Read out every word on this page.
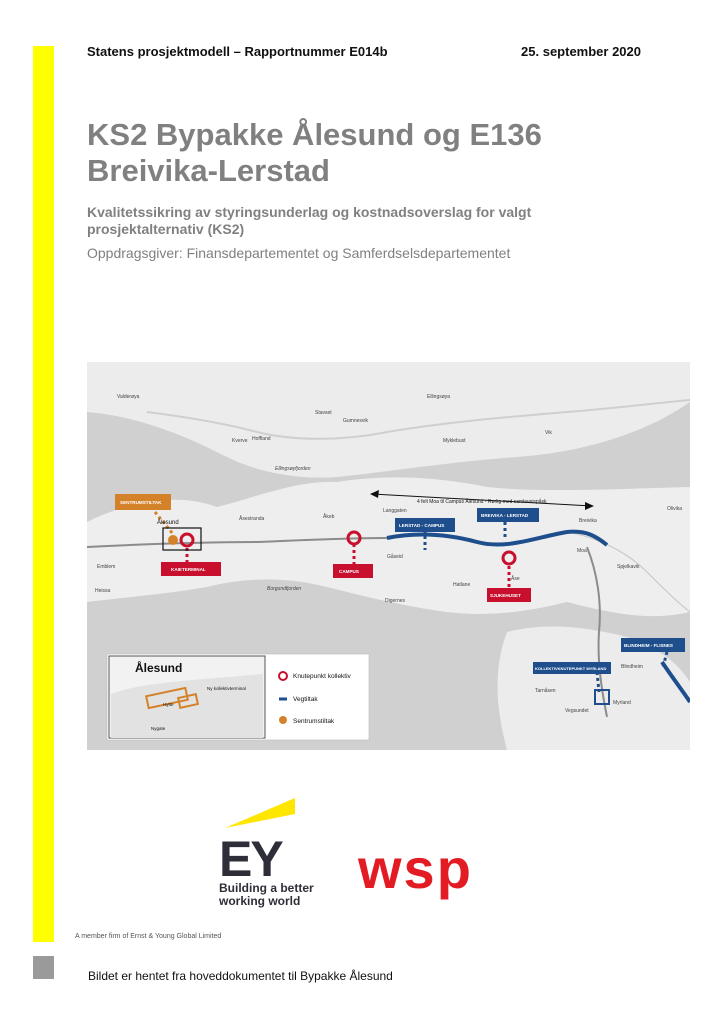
Statens prosjektmodell – Rapportnummer E014b	25. september 2020
KS2 Bypakke Ålesund og E136
Breivika-Lerstad

Kvalitetssikring av styringsunderlag og kostnadsoverslag for valgt prosjektalternativ (KS2)

Oppdragsgiver: Finansdepartementet og Samferdselsdepartementet
4 felt Moa til Campus Ålesund - Rørlig med samleveispåsk
Valderøya	Ellingsøya
Hoffland
Kverve
Gumnesvik
Stavset
Vik
Myklebust
Ellingsøyfjorden
Åsestranda	Åkeb
Langgaten
Gåseid
Hatlane
Ålesund
Borgundfjorden
Heissa
Breivika
Olivika
Moa
Spjelkavik
Tarnåsen
Åse
Digernes
Blindheim
Myrland
Vegsundet
Emblem
SENTRUMSTILTAK
KAIETERMINAL	CAMPUS
LERSTAD - CAMPUS
BREIVIKA - LERSTAD
SJUKEHUSET
BLINDHEIM - FLISNES
KOLLEKTIVKNUTEPUNKT MYRLAND
Ålesund
Ny kollektivterminal
Hytte
Nygate
Knutepunkt kollektiv
Vegtiltak
Sentrumstiltak
EY
Building a better
working world
wsp
A member firm of Ernst & Young Global Limited
Bildet er hentet fra hoveddokumentet til Bypakke Ålesund
